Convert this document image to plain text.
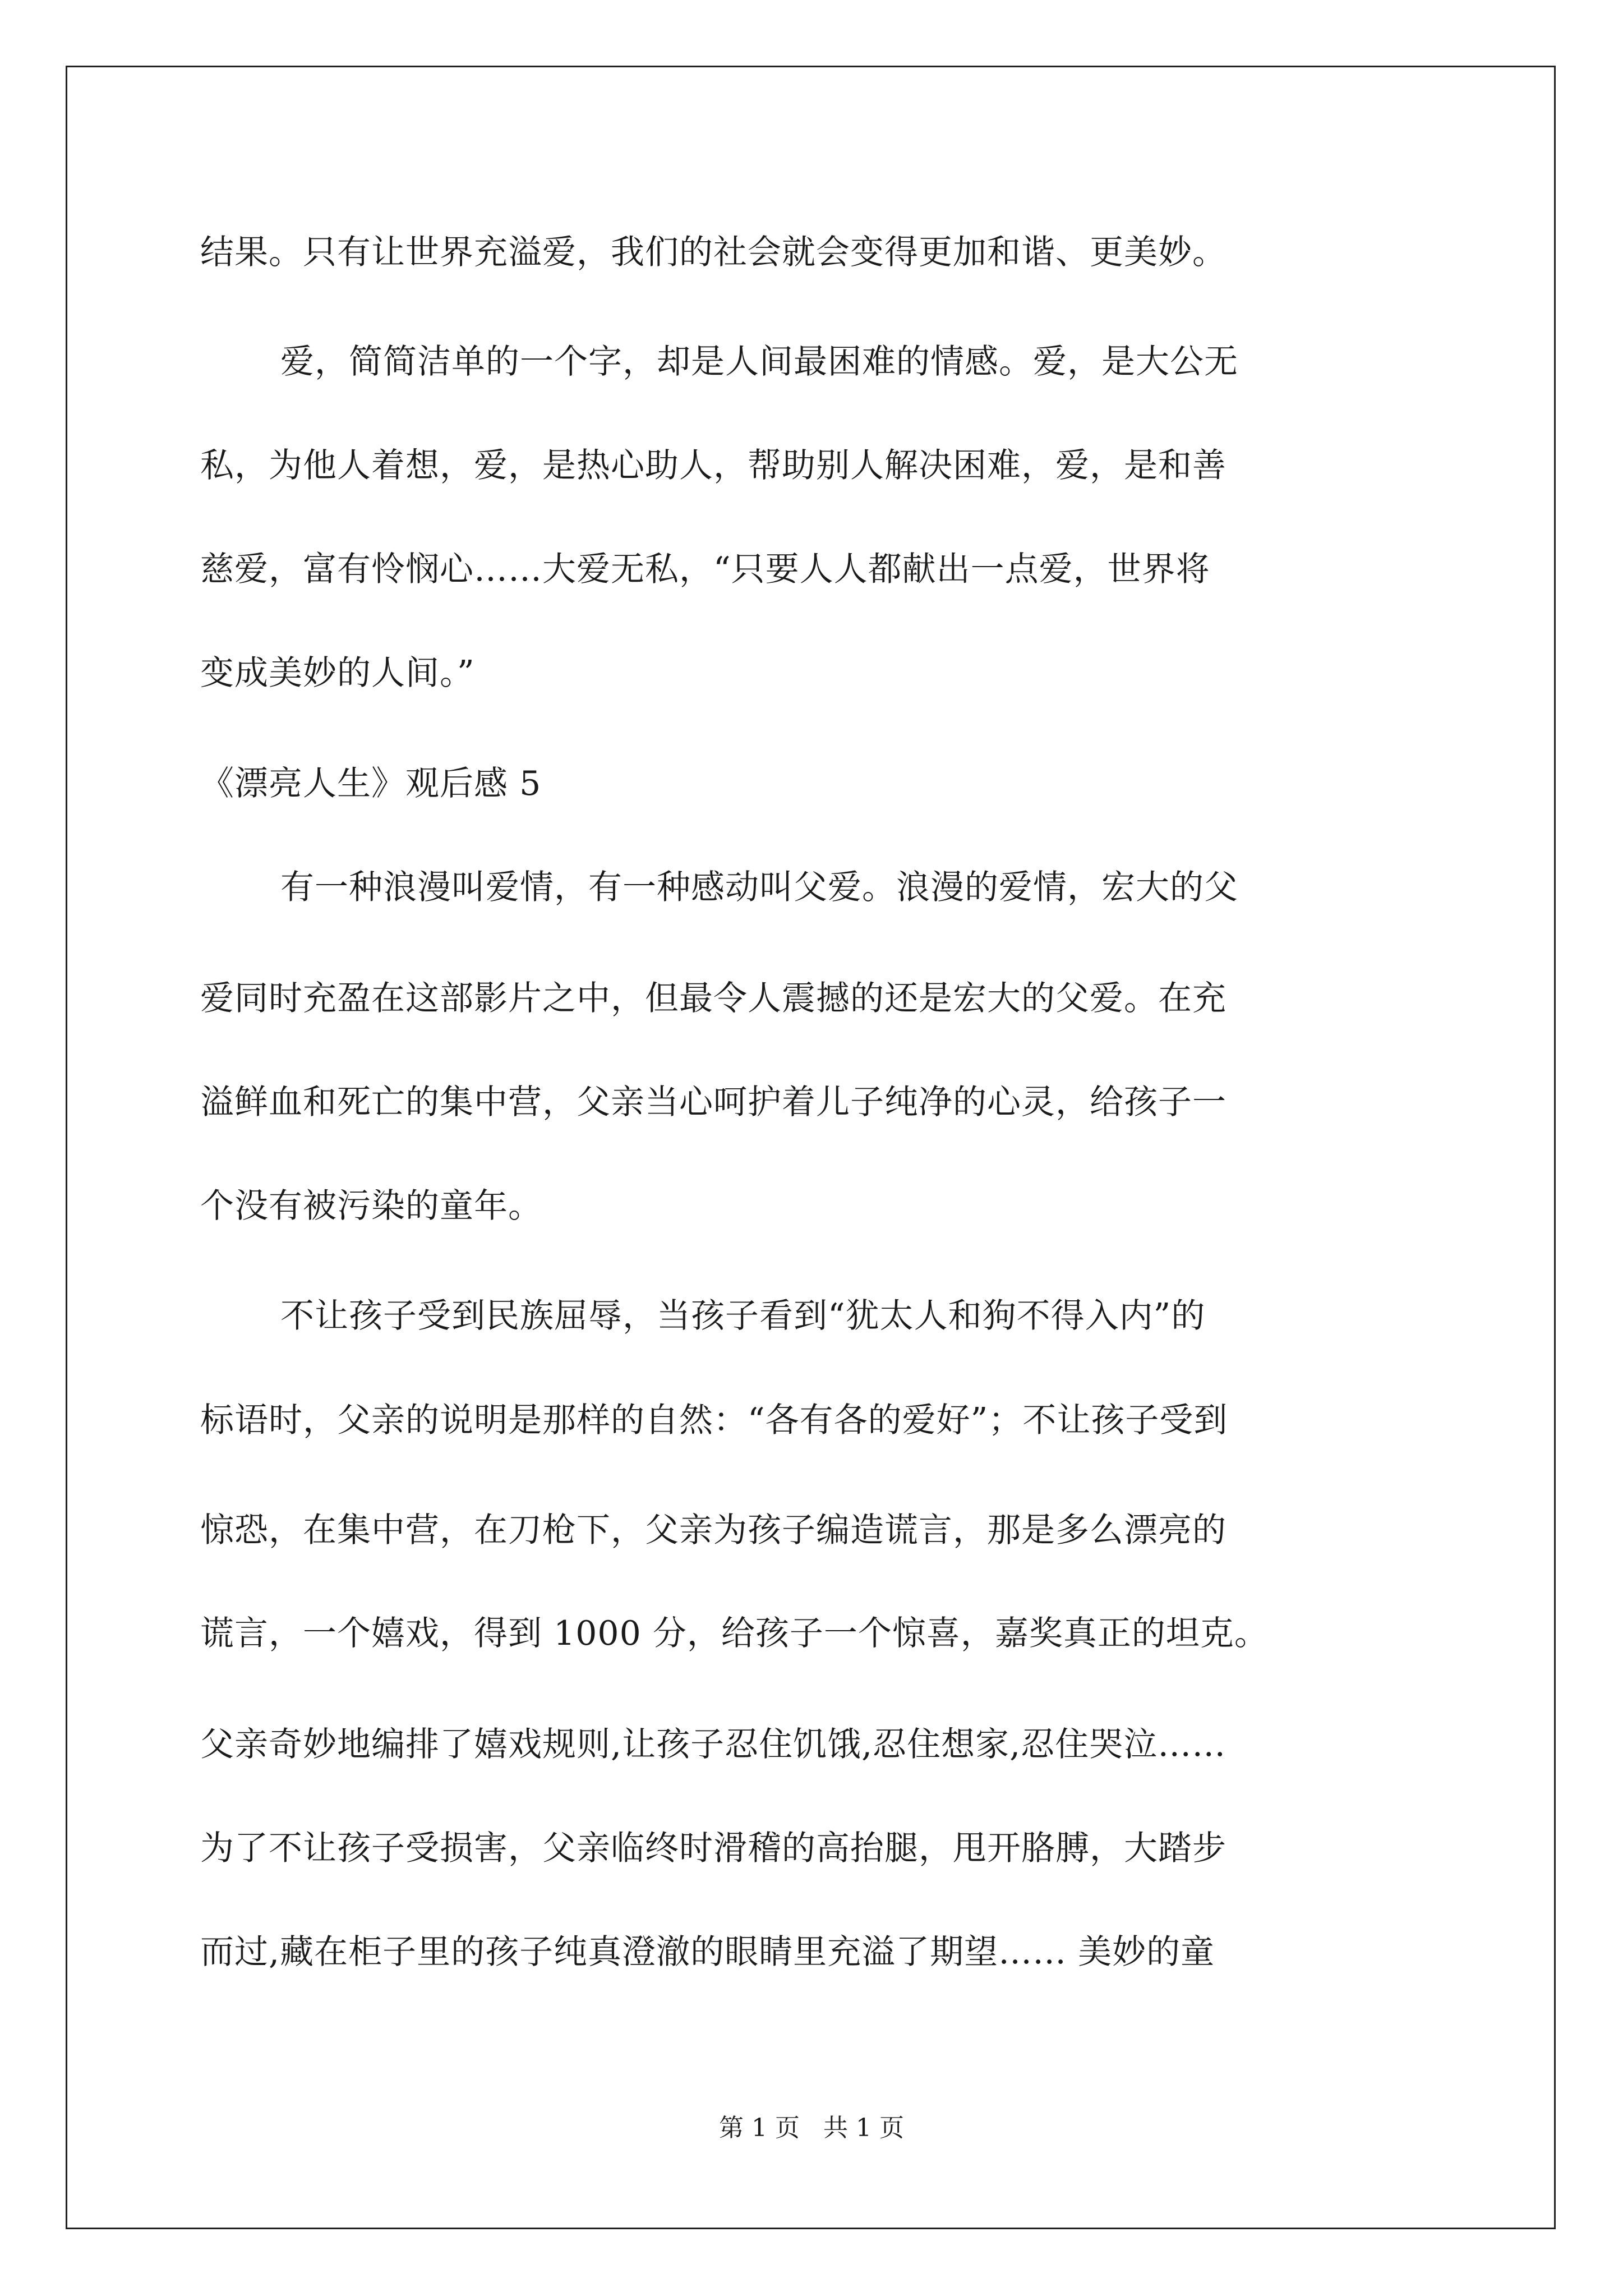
结果。只有让世界充溢爱，我们的社会就会变得更加和谐、更美妙。
爱，简简洁单的一个字，却是人间最困难的情感。爱，是大公无
私，为他人着想，爱，是热心助人，帮助别人解决困难，爱，是和善
慈爱，富有怜悯心……大爱无私，“只要人人都献出一点爱，世界将
变成美妙的人间。”
《漂亮人生》观后感 5
有一种浪漫叫爱情，有一种感动叫父爱。浪漫的爱情，宏大的父
爱同时充盈在这部影片之中，但最令人震撼的还是宏大的父爱。在充
溢鲜血和死亡的集中营，父亲当心呵护着儿子纯净的心灵，给孩子一
个没有被污染的童年。
不让孩子受到民族屈辱，当孩子看到“犹太人和狗不得入内”的
标语时，父亲的说明是那样的自然：“各有各的爱好”；不让孩子受到
惊恐，在集中营，在刀枪下，父亲为孩子编造谎言，那是多么漂亮的
谎言，一个嬉戏，得到 1000 分，给孩子一个惊喜，嘉奖真正的坦克。
父亲奇妙地编排了嬉戏规则,让孩子忍住饥饿,忍住想家,忍住哭泣……
为了不让孩子受损害，父亲临终时滑稽的高抬腿，甩开胳膊，大踏步
而过,藏在柜子里的孩子纯真澄澈的眼睛里充溢了期望…… 美妙的童
第 1 页   共 1 页
